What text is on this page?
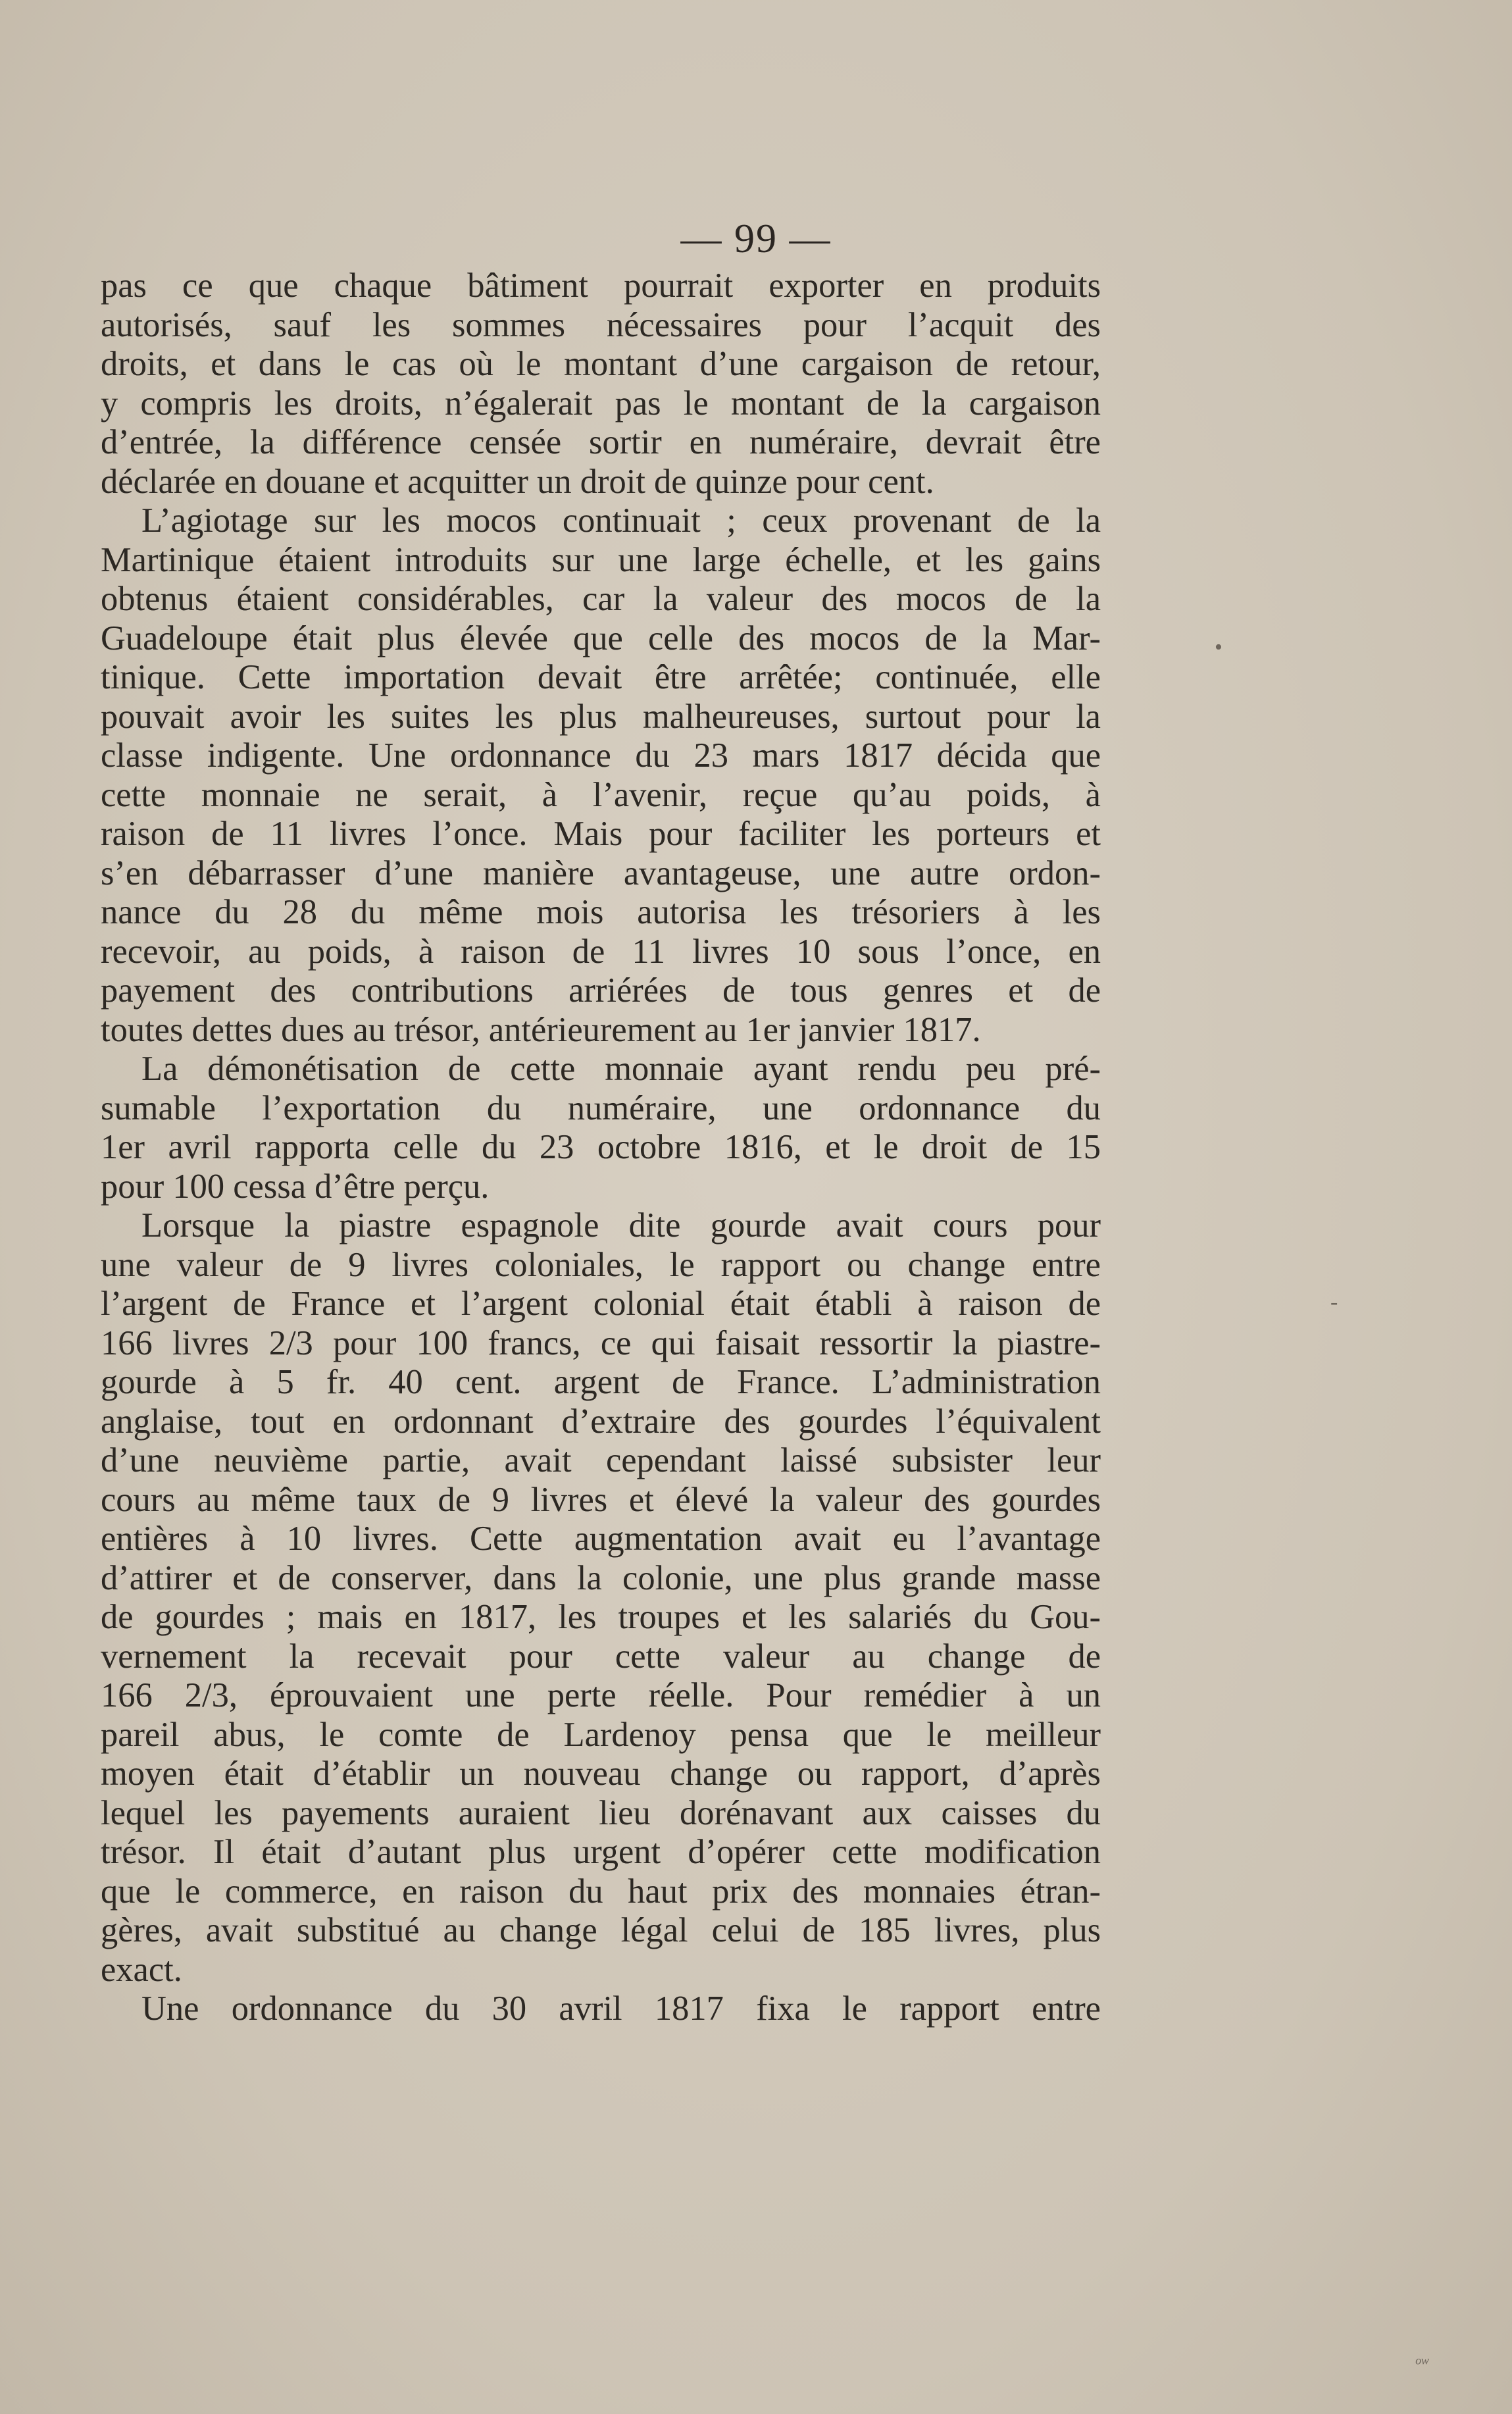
— 99 —
pas ce que chaque bâtiment pourrait exporter en produits
autorisés, sauf les sommes nécessaires pour l’acquit des
droits, et dans le cas où le montant d’une cargaison de retour,
y compris les droits, n’égalerait pas le montant de la cargaison
d’entrée, la différence censée sortir en numéraire, devrait être
déclarée en douane et acquitter un droit de quinze pour cent.
L’agiotage sur les mocos continuait ; ceux provenant de la
Martinique étaient introduits sur une large échelle, et les gains
obtenus étaient considérables, car la valeur des mocos de la
Guadeloupe était plus élevée que celle des mocos de la Mar-
tinique. Cette importation devait être arrêtée; continuée, elle
pouvait avoir les suites les plus malheureuses, surtout pour la
classe indigente. Une ordonnance du 23 mars 1817 décida que
cette monnaie ne serait, à l’avenir, reçue qu’au poids, à
raison de 11 livres l’once. Mais pour faciliter les porteurs et
s’en débarrasser d’une manière avantageuse, une autre ordon-
nance du 28 du même mois autorisa les trésoriers à les
recevoir, au poids, à raison de 11 livres 10 sous l’once, en
payement des contributions arriérées de tous genres et de
toutes dettes dues au trésor, antérieurement au 1er janvier 1817.
La démonétisation de cette monnaie ayant rendu peu pré-
sumable l’exportation du numéraire, une ordonnance du
1er avril rapporta celle du 23 octobre 1816, et le droit de 15
pour 100 cessa d’être perçu.
Lorsque la piastre espagnole dite gourde avait cours pour
une valeur de 9 livres coloniales, le rapport ou change entre
l’argent de France et l’argent colonial était établi à raison de
166 livres 2/3 pour 100 francs, ce qui faisait ressortir la piastre-
gourde à 5 fr. 40 cent. argent de France. L’administration
anglaise, tout en ordonnant d’extraire des gourdes l’équivalent
d’une neuvième partie, avait cependant laissé subsister leur
cours au même taux de 9 livres et élevé la valeur des gourdes
entières à 10 livres. Cette augmentation avait eu l’avantage
d’attirer et de conserver, dans la colonie, une plus grande masse
de gourdes ; mais en 1817, les troupes et les salariés du Gou-
vernement la recevait pour cette valeur au change de
166 2/3, éprouvaient une perte réelle. Pour remédier à un
pareil abus, le comte de Lardenoy pensa que le meilleur
moyen était d’établir un nouveau change ou rapport, d’après
lequel les payements auraient lieu dorénavant aux caisses du
trésor. Il était d’autant plus urgent d’opérer cette modification
que le commerce, en raison du haut prix des monnaies étran-
gères, avait substitué au change légal celui de 185 livres, plus
exact.
Une ordonnance du 30 avril 1817 fixa le rapport entre
•
-
ᵒʷ
